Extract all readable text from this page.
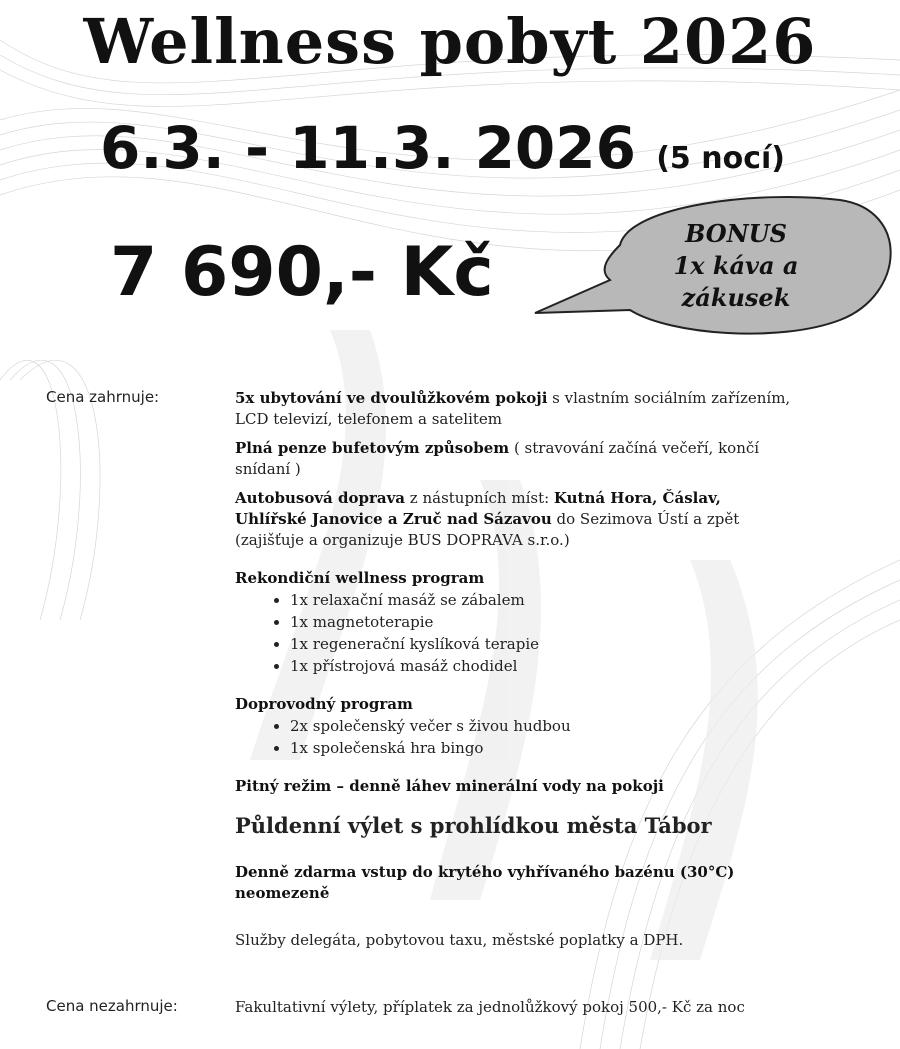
Wellness pobyt 2026
6.3. - 11.3. 2026 (5 nocí)
7 690,- Kč	BONUS
1x káva a
zákusek
Cena zahrnuje:	5x ubytování ve dvoulůžkovém pokoji s vlastním sociálním zařízením, LCD televizí, telefonem a satelitem

Plná penze bufetovým způsobem ( stravování začíná večeří, končí snídaní )

Autobusová doprava z nástupních míst: Kutná Hora, Čáslav, Uhlířské Janovice a Zruč nad Sázavou do Sezimova Ústí a zpět (zajišťuje a organizuje BUS DOPRAVA s.r.o.)

Rekondiční wellness program

• 1x relaxační masáž se zábalem
• 1x magnetoterapie
• 1x regenerační kyslíková terapie
• 1x přístrojová masáž chodidel

Doprovodný program

• 2x společenský večer s živou hudbou
• 1x společenská hra bingo

Pitný režim – denně láhev minerální vody na pokoji

Půldenní výlet s prohlídkou města Tábor

Denně zdarma vstup do krytého vyhřívaného bazénu (30°C) neomezeně

Služby delegáta, pobytovou taxu, městské poplatky a DPH.
Cena nezahrnuje:	Fakultativní výlety, příplatek za jednolůžkový pokoj 500,- Kč za noc
